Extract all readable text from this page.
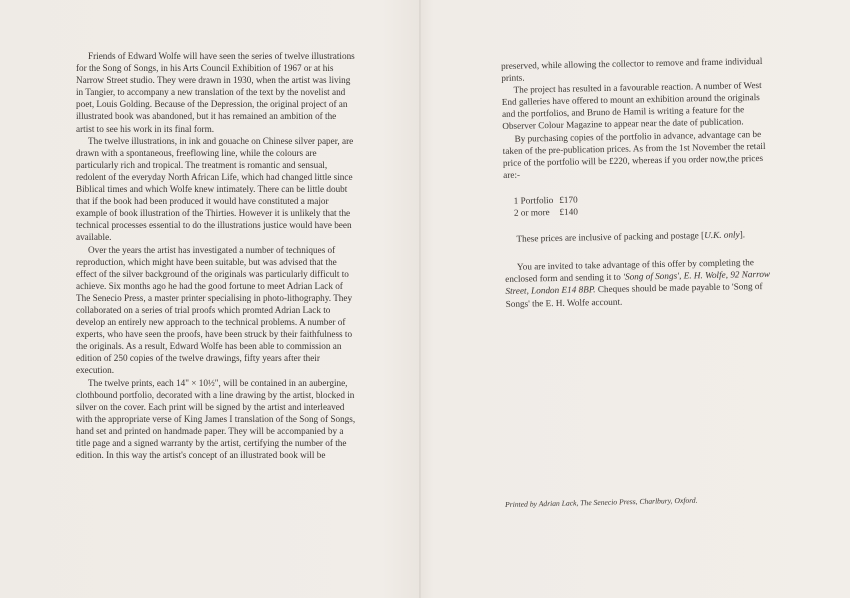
Friends of Edward Wolfe will have seen the series of twelve illustrations for the Song of Songs, in his Arts Council Exhibition of 1967 or at his Narrow Street studio. They were drawn in 1930, when the artist was living in Tangier, to accompany a new translation of the text by the novelist and poet, Louis Golding. Because of the Depression, the original project of an illustrated book was abandoned, but it has remained an ambition of the artist to see his work in its final form.

The twelve illustrations, in ink and gouache on Chinese silver paper, are drawn with a spontaneous, freeflowing line, while the colours are particularly rich and tropical. The treatment is romantic and sensual, redolent of the everyday North African Life, which had changed little since Biblical times and which Wolfe knew intimately. There can be little doubt that if the book had been produced it would have constituted a major example of book illustration of the Thirties. However it is unlikely that the technical processes essential to do the illustrations justice would have been available.

Over the years the artist has investigated a number of techniques of reproduction, which might have been suitable, but was advised that the effect of the silver background of the originals was particularly difficult to achieve. Six months ago he had the good fortune to meet Adrian Lack of The Senecio Press, a master printer specialising in photo-lithography. They collaborated on a series of trial proofs which promted Adrian Lack to develop an entirely new approach to the technical problems. A number of experts, who have seen the proofs, have been struck by their faithfulness to the originals. As a result, Edward Wolfe has been able to commission an edition of 250 copies of the twelve drawings, fifty years after their execution.

The twelve prints, each 14" × 10½", will be contained in an aubergine, clothbound portfolio, decorated with a line drawing by the artist, blocked in silver on the cover. Each print will be signed by the artist and interleaved with the appropriate verse of King James I translation of the Song of Songs, hand set and printed on handmade paper. They will be accompanied by a title page and a signed warranty by the artist, certifying the number of the edition. In this way the artist's concept of an illustrated book will be

preserved, while allowing the collector to remove and frame individual prints.

The project has resulted in a favourable reaction. A number of West End galleries have offered to mount an exhibition around the originals and the portfolios, and Bruno de Hamil is writing a feature for the Observer Colour Magazine to appear near the date of publication.

By purchasing copies of the portfolio in advance, advantage can be taken of the pre-publication prices. As from the 1st November the retail price of the portfolio will be £220, whereas if you order now,the prices are:-

1 Portfolio	£170
2 or more	£140

These prices are inclusive of packing and postage [U.K. only].

You are invited to take advantage of this offer by completing the enclosed form and sending it to 'Song of Songs', E. H. Wolfe, 92 Narrow Street, London E14 8BP. Cheques should be made payable to 'Song of Songs' the E. H. Wolfe account.

Printed by Adrian Lack, The Senecio Press, Charlbury, Oxford.
